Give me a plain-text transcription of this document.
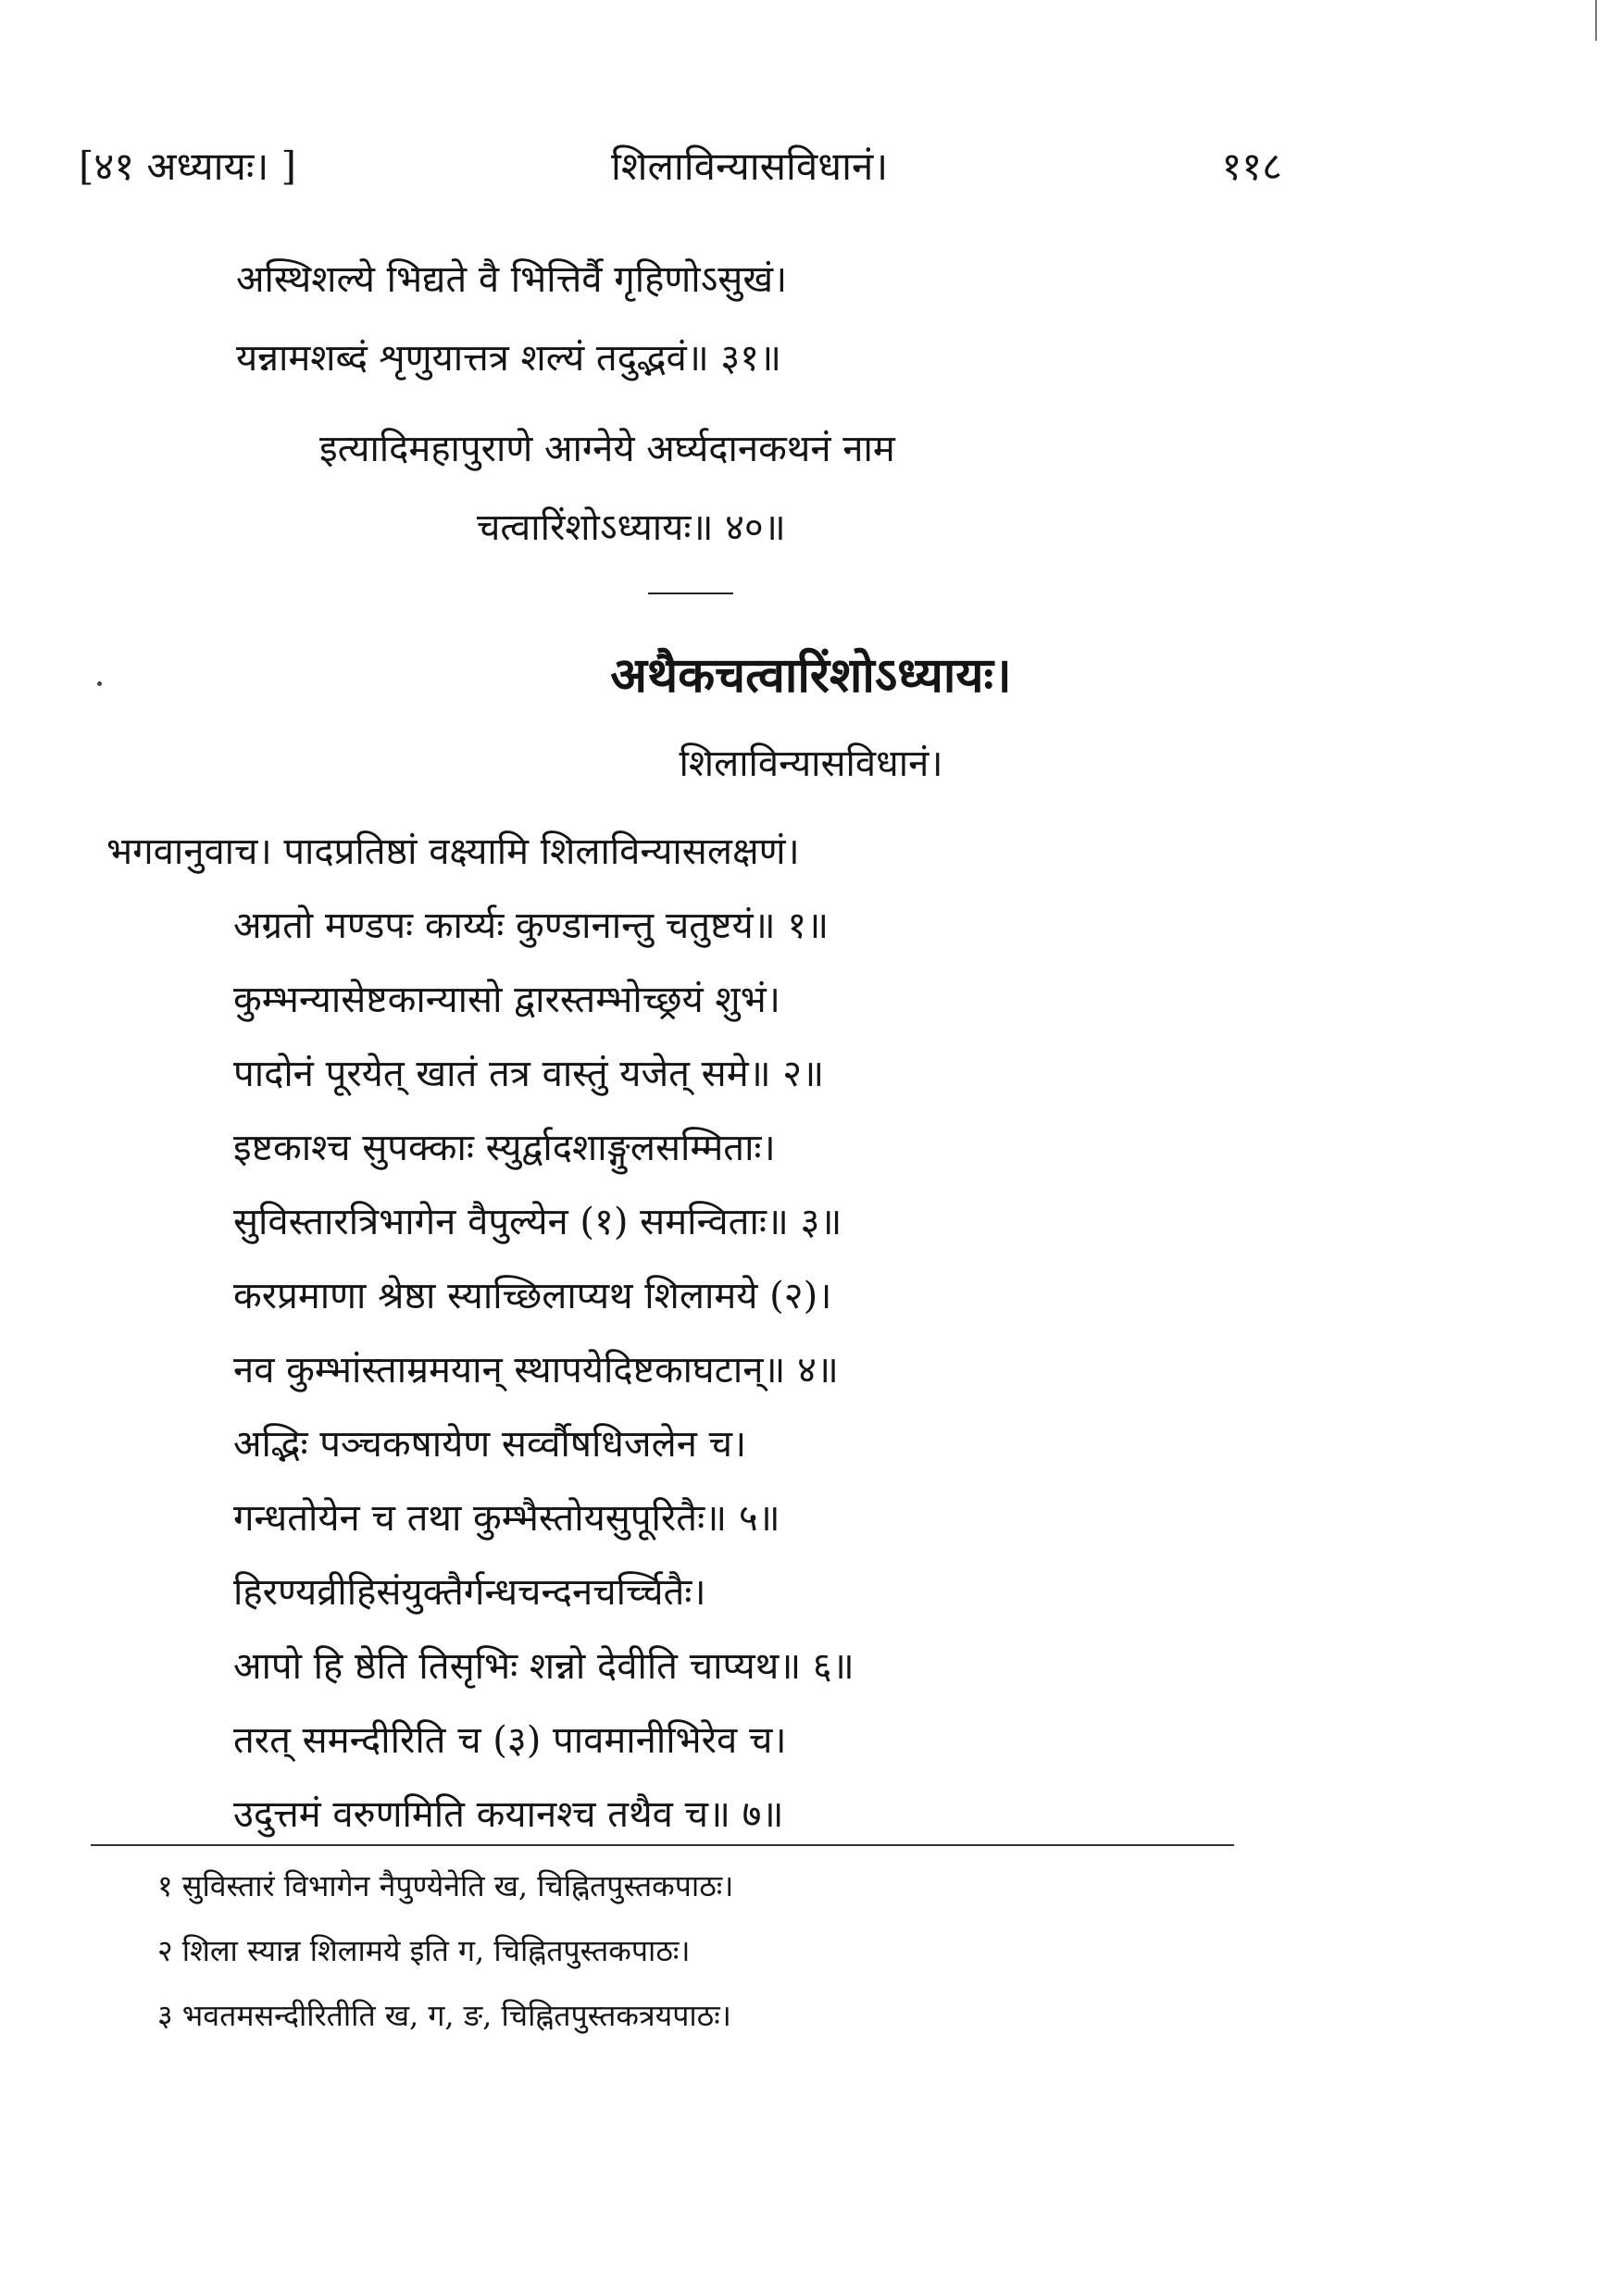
[४१ अध्यायः। ]	शिलाविन्यासविधानं।	११८
अस्थिशल्ये भिद्यते वै भित्तिर्वै गृहिणोऽसुखं।
यन्नामशब्दं शृणुयात्तत्र शल्यं तदुद्भवं॥ ३१॥
इत्यादिमहापुराणे आग्नेये अर्घ्यदानकथनं नाम
चत्वारिंशोऽध्यायः॥ ४०॥
अथैकचत्वारिंशोऽध्यायः।
शिलाविन्यासविधानं।
भगवानुवाच। पादप्रतिष्ठां वक्ष्यामि शिलाविन्यासलक्षणं।
अग्रतो मण्डपः कार्य्यः कुण्डानान्तु चतुष्टयं॥ १॥
कुम्भन्यासेष्टकान्यासो द्वारस्तम्भोच्छ्रयं शुभं।
पादोनं पूरयेत् खातं तत्र वास्तुं यजेत् समे॥ २॥
इष्टकाश्च सुपक्काः स्युर्द्वादशाङ्गुलसम्मिताः।
सुविस्तारत्रिभागेन वैपुल्येन (१) समन्विताः॥ ३॥
करप्रमाणा श्रेष्ठा स्याच्छिलाप्यथ शिलामये (२)।
नव कुम्भांस्ताम्रमयान् स्थापयेदिष्टकाघटान्॥ ४॥
अद्भिः पञ्चकषायेण सर्व्वौषधिजलेन च।
गन्धतोयेन च तथा कुम्भैस्तोयसुपूरितैः॥ ५॥
हिरण्यव्रीहिसंयुक्तैर्गन्धचन्दनचर्च्चितैः।
आपो हि ष्ठेति तिसृभिः शन्नो देवीति चाप्यथ॥ ६॥
तरत् समन्दीरिति च (३) पावमानीभिरेव च।
उदुत्तमं वरुणमिति कयानश्च तथैव च॥ ७॥
१ सुविस्तारं विभागेन नैपुण्येनेति ख, चिह्नितपुस्तकपाठः।
२ शिला स्यान्न शिलामये इति ग, चिह्नितपुस्तकपाठः।
३ भवतमसन्दीरितीति ख, ग, ङ, चिह्नितपुस्तकत्रयपाठः।
